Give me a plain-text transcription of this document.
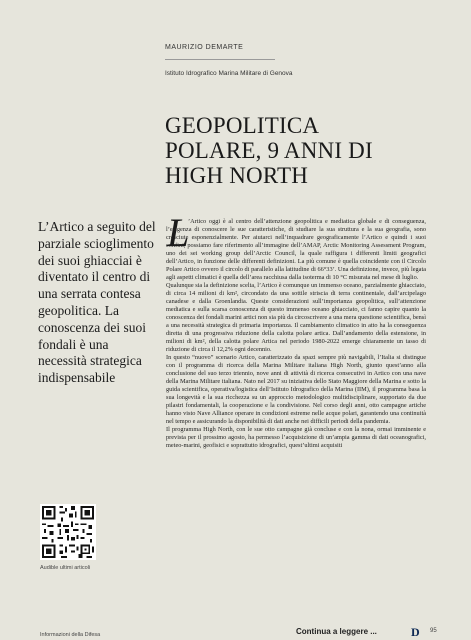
MAURIZIO DEMARTE
Istituto Idrografico Marina Militare di Genova
GEOPOLITICA POLARE, 9 ANNI DI HIGH NORTH

L’Artico a seguito del parziale scioglimento dei suoi ghiacciai è diventato il centro di una serrata contesa geopolitica. La conoscenza dei suoi fondali è una necessità strategica indispensabile

Audible ultimi articoli
L
’Artico oggi è al centro dell’attenzione geopolitica e mediatica globale e di conseguenza, l’esigenza di conoscere le sue caratteristiche, di studiare la sua struttura e la sua geografia, sono cresciute esponenzialmente. Per aiutarci nell’inquadrare geograficamente l’Artico e quindi i suoi confini, possiamo fare riferimento all’immagine dell’AMAP, Arctic Monitoring Assessment Program, uno dei sei working group dell’Arctic Council, la quale raffigura i differenti limiti geografici dell’Artico, in funzione delle differenti definizioni. La più comune è quella coincidente con il Circolo Polare Artico ovvero il circolo di parallelo alla latitudine di 66°33’. Una definizione, invece, più legata agli aspetti climatici è quella dell’area racchiusa dalla isoterma di 10 °C misurata nel mese di luglio.
Qualunque sia la definizione scelta, l’Artico è comunque un immenso oceano, parzialmente ghiacciato, di circa 14 milioni di km², circondato da una sottile striscia di terra continentale, dall’arcipelago canadese e dalla Groenlandia. Queste considerazioni sull’importanza geopolitica, sull’attenzione mediatica e sulla scarsa conoscenza di questo immenso oceano ghiacciato, ci fanno capire quanto la conoscenza dei fondali marini artici non sia più da circoscrivere a una mera questione scientifica, bensì a una necessità strategica di primaria importanza. Il cambiamento climatico in atto ha la conseguenza diretta di una progressiva riduzione della calotta polare artica. Dall’andamento della estensione, in milioni di km², della calotta polare Artica nel periodo 1980-2022 emerge chiaramente un tasso di riduzione di circa il 12,2% ogni decennio.
In questo “nuovo” scenario Artico, caratterizzato da spazi sempre più navigabili, l’Italia si distingue con il programma di ricerca della Marina Militare italiana High North, giunto quest’anno alla conclusione del suo terzo triennio, nove anni di attività di ricerca consecutivi in Artico con una nave della Marina Militare italiana. Nato nel 2017 su iniziativa dello Stato Maggiore della Marina e sotto la guida scientifica, operativa/logistica dell’Istituto Idrografico della Marina (IIM), il programma basa la sua longevità e la sua ricchezza su un approccio metodologico multidisciplinare, supportato da due pilastri fondamentali, la cooperazione e la condivisione. Nel corso degli anni, otto campagne artiche hanno visto Nave Alliance operare in condizioni estreme nelle acque polari, garantendo una continuità nel tempo e assicurando la disponibilità di dati anche nei difficili periodi della pandemia.
Il programma High North, con le sue otto campagne già concluse e con la nona, ormai imminente e prevista per il prossimo agosto, ha permesso l’acquisizione di un’ampia gamma di dati oceanografici, meteo-marini, geofisici e soprattutto idrografici, quest’ultimi acquisiti
Informazioni della Difesa	Continua a leggere ...	D 95
